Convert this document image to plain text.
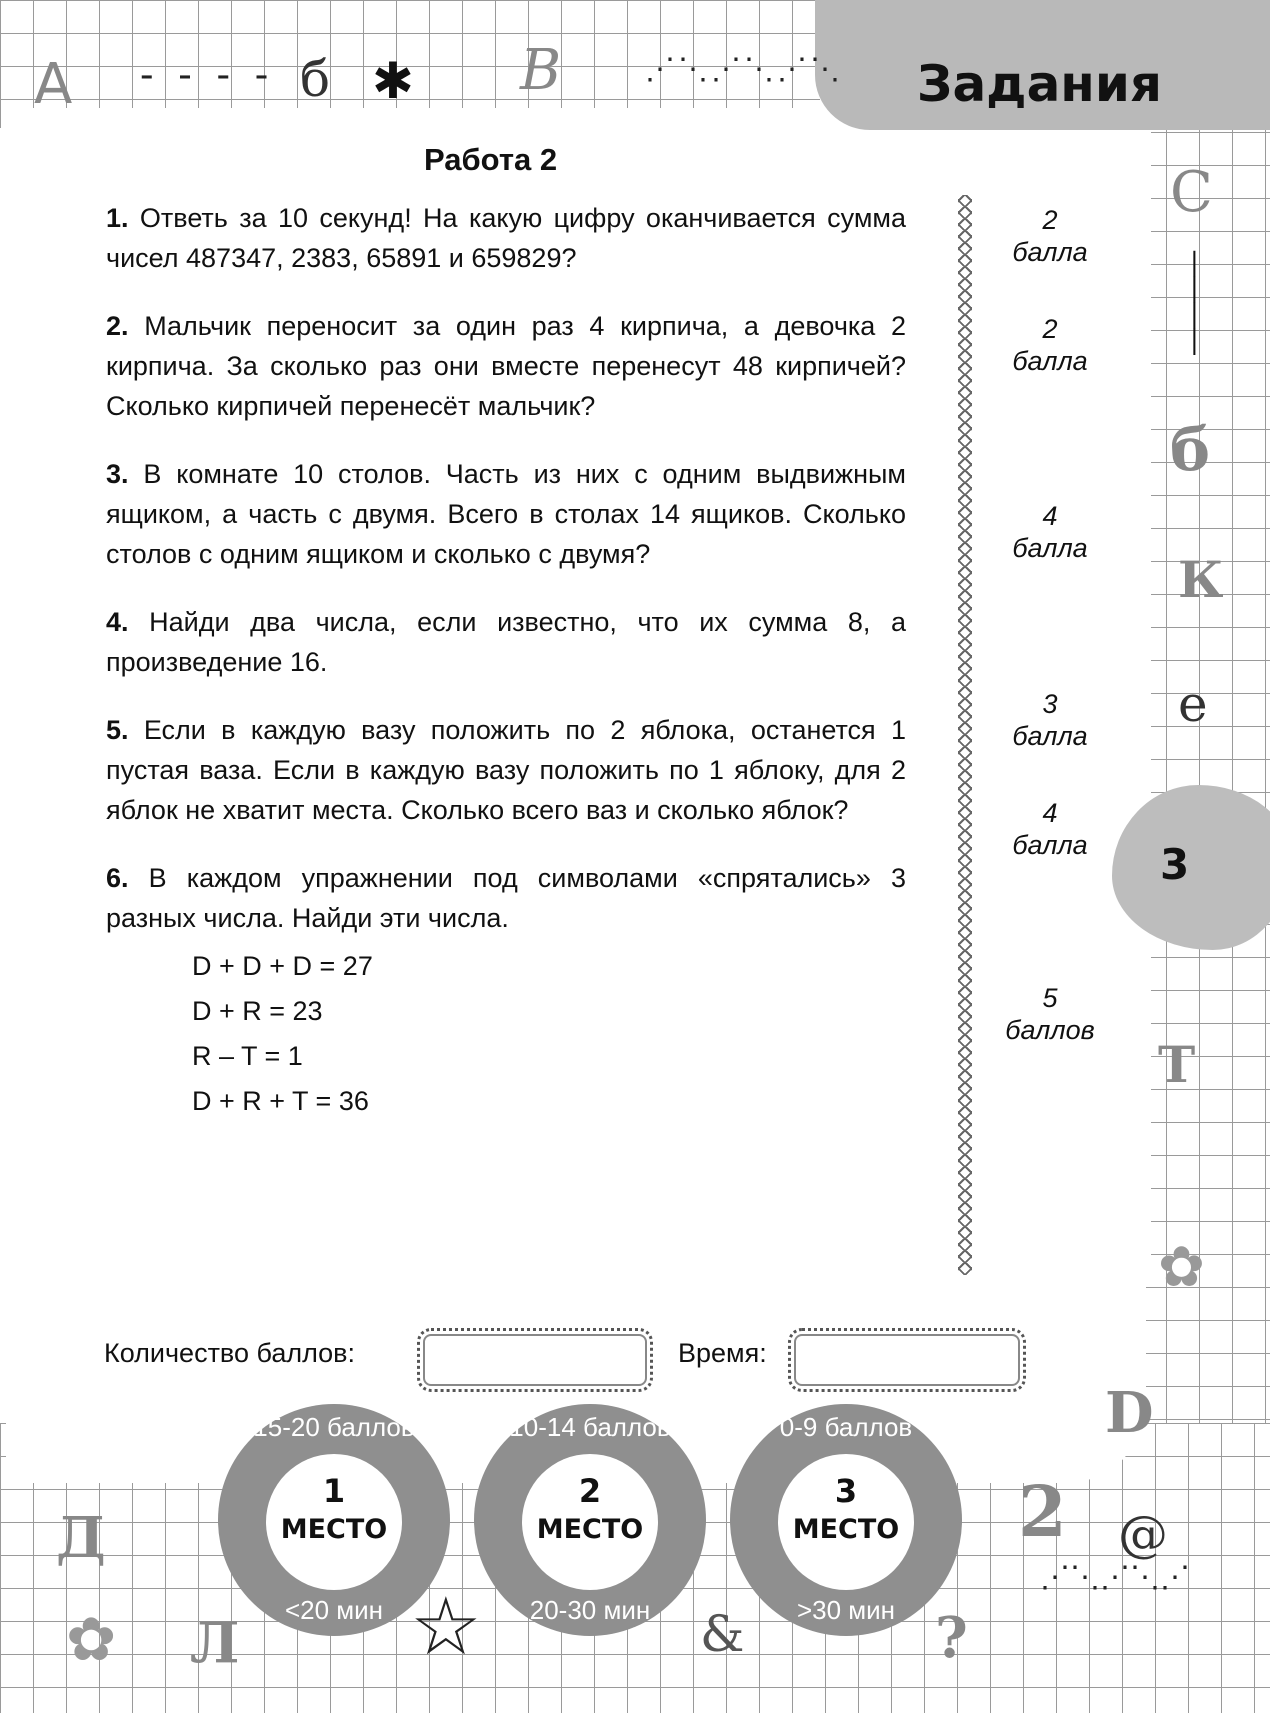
Задания
3
А - - - - б ✱ В	⋰⋱⋰⋱⋰⋱
С
|
|
|
|
б
К
е
Т
✿
D
2 @
⋰⋱⋰⋱⋰
Д
✿ Л ☆	&	?
Работа 2

1. Ответь за 10 секунд! На какую цифру оканчивается сумма чисел 487347, 2383, 65891 и 659829?

2. Мальчик переносит за один раз 4 кирпича, а девочка 2 кирпича. За сколько раз они вместе перенесут 48 кирпичей? Сколько кирпичей перенесёт мальчик?

3. В комнате 10 столов. Часть из них с одним выдвижным ящиком, а часть с двумя. Всего в столах 14 ящиков. Сколько столов с одним ящиком и сколько с двумя?

4. Найди два числа, если известно, что их сумма 8, а произведение 16.

5. Если в каждую вазу положить по 2 яблока, останется 1 пустая ваза. Если в каждую вазу положить по 1 яблоку, для 2 яблок не хватит места. Сколько всего ваз и сколько яблок?

6. В каждом упражнении под символами «спрятались» 3 разных числа. Найди эти числа.

D + D + D = 27
D + R = 23
R – T = 1
D + R + T = 36
2
балла
2
балла
4
балла
3
балла
4
балла
5
баллов
Количество баллов:	Время:
15-20 баллов
1
МЕСТО
<20 мин
10-14 баллов
2
МЕСТО
20-30 мин
0-9 баллов
3
МЕСТО
>30 мин
